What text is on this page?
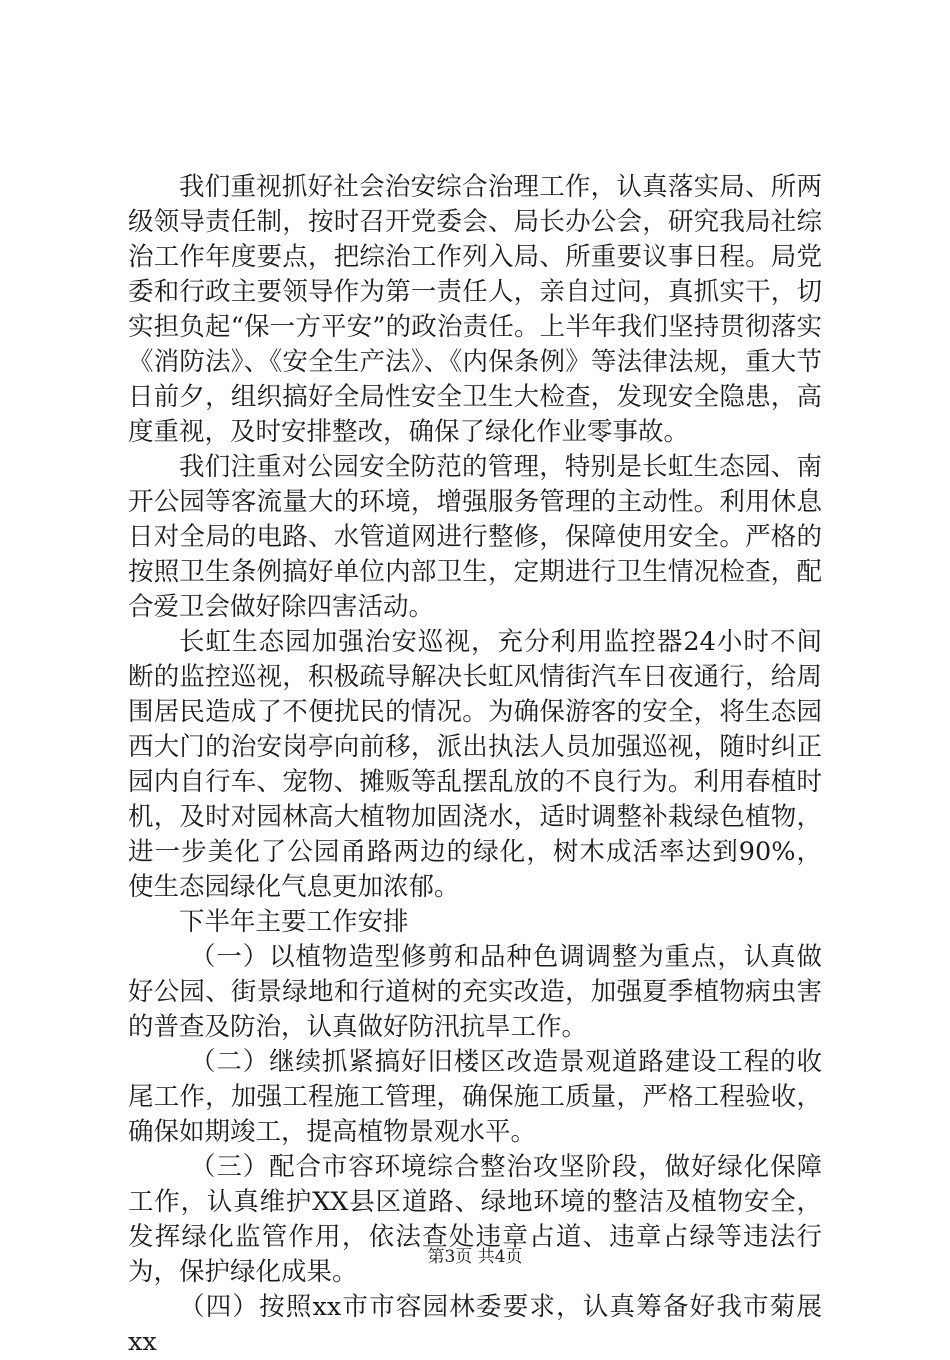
我们重视抓好社会治安综合治理工作，认真落实局、所两级领导责任制，按时召开党委会、局长办公会，研究我局社综治工作年度要点，把综治工作列入局、所重要议事日程。局党委和行政主要领导作为第一责任人，亲自过问，真抓实干，切实担负起“保一方平安”的政治责任。上半年我们坚持贯彻落实《消防法》、《安全生产法》、《内保条例》等法律法规，重大节日前夕，组织搞好全局性安全卫生大检查，发现安全隐患，高度重视，及时安排整改，确保了绿化作业零事故。

我们注重对公园安全防范的管理，特别是长虹生态园、南开公园等客流量大的环境，增强服务管理的主动性。利用休息日对全局的电路、水管道网进行整修，保障使用安全。严格的按照卫生条例搞好单位内部卫生，定期进行卫生情况检查，配合爱卫会做好除四害活动。

长虹生态园加强治安巡视，充分利用监控器24小时不间断的监控巡视，积极疏导解决长虹风情街汽车日夜通行，给周围居民造成了不便扰民的情况。为确保游客的安全，将生态园西大门的治安岗亭向前移，派出执法人员加强巡视，随时纠正园内自行车、宠物、摊贩等乱摆乱放的不良行为。利用春植时机，及时对园林高大植物加固浇水，适时调整补栽绿色植物，进一步美化了公园甬路两边的绿化，树木成活率达到90%，使生态园绿化气息更加浓郁。

下半年主要工作安排

（一）以植物造型修剪和品种色调调整为重点，认真做好公园、街景绿地和行道树的充实改造，加强夏季植物病虫害的普查及防治，认真做好防汛抗旱工作。

（二）继续抓紧搞好旧楼区改造景观道路建设工程的收尾工作，加强工程施工管理，确保施工质量，严格工程验收，确保如期竣工，提高植物景观水平。

（三）配合市容环境综合整治攻坚阶段，做好绿化保障工作，认真维护XX县区道路、绿地环境的整洁及植物安全，发挥绿化监管作用，依法查处违章占道、违章占绿等违法行为，保护绿化成果。

（四）按照xx市市容园林委要求，认真筹备好我市菊展xx

第3页 共4页
